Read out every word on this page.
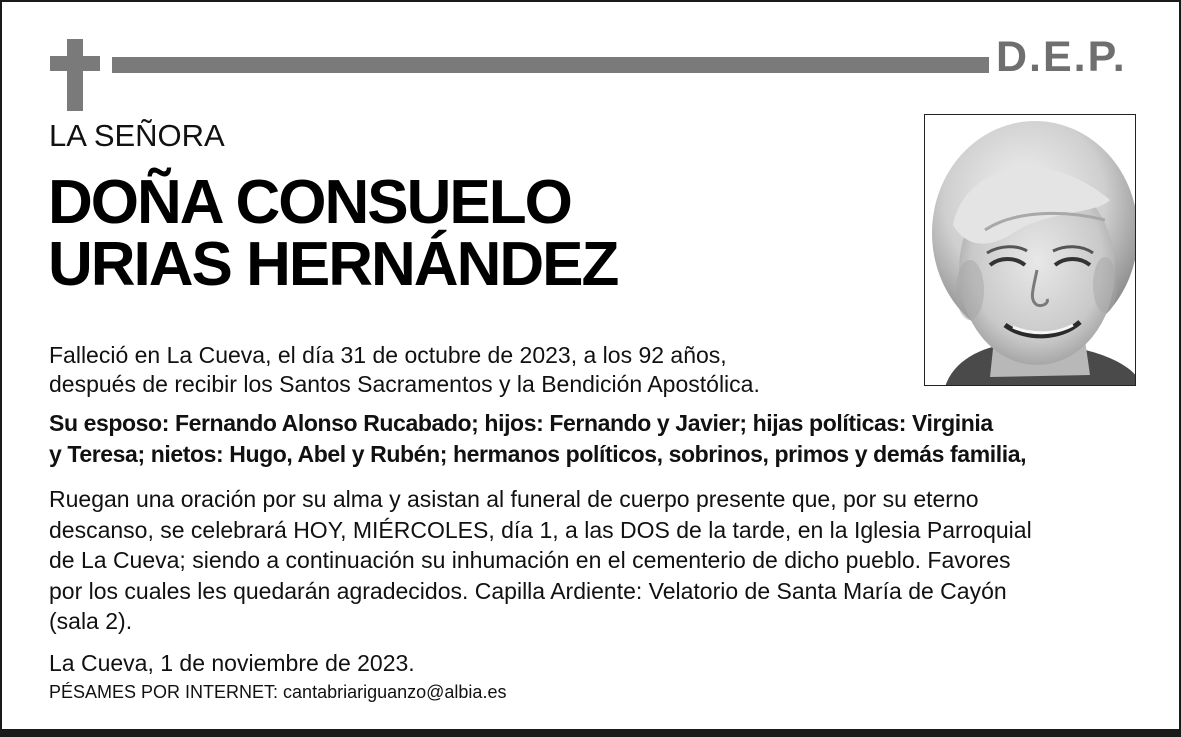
D.E.P.
LA SEÑORA
DOÑA CONSUELO
URIAS HERNÁNDEZ
Falleció en La Cueva, el día 31 de octubre de 2023, a los 92 años,
después de recibir los Santos Sacramentos y la Bendición Apostólica.
Su esposo: Fernando Alonso Rucabado; hijos: Fernando y Javier; hijas políticas: Virginia
y Teresa; nietos: Hugo, Abel y Rubén; hermanos políticos, sobrinos, primos y demás familia,
Ruegan una oración por su alma y asistan al funeral de cuerpo presente que, por su eterno
descanso, se celebrará HOY, MIÉRCOLES, día 1, a las DOS de la tarde, en la Iglesia Parroquial
de La Cueva; siendo a continuación su inhumación en el cementerio de dicho pueblo. Favores
por los cuales les quedarán agradecidos. Capilla Ardiente: Velatorio de Santa María de Cayón
(sala 2).
La Cueva, 1 de noviembre de 2023.
PÉSAMES POR INTERNET: cantabriariguanzo@albia.es
